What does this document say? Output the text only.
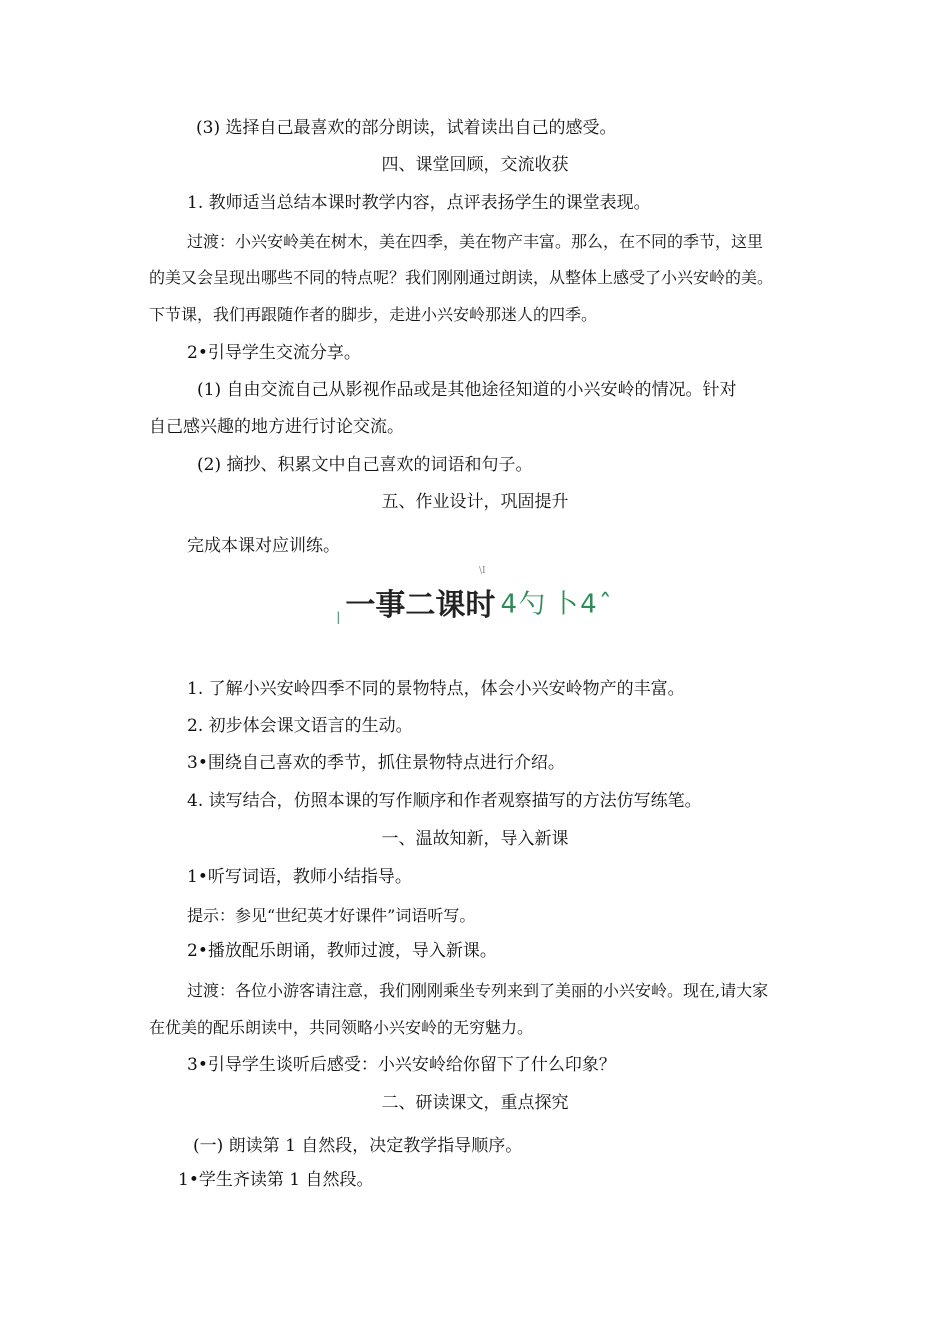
(3) 选择自己最喜欢的部分朗读，试着读出自己的感受。
四、课堂回顾，交流收获
1. 教师适当总结本课时教学内容，点评表扬学生的课堂表现。
过渡：小兴安岭美在树木，美在四季，美在物产丰富。那么，在不同的季节，这里
的美又会呈现出哪些不同的特点呢？我们刚刚通过朗读，从整体上感受了小兴安岭的美。
下节课，我们再跟随作者的脚步，走进小兴安岭那迷人的四季。
2•引导学生交流分享。
(1) 自由交流自己从影视作品或是其他途径知道的小兴安岭的情况。针对
自己感兴趣的地方进行讨论交流。
(2) 摘抄、积累文中自己喜欢的词语和句子。
五、作业设计，巩固提升
完成本课对应训练。
\I
| 一事二课时 4勺 卜4ˆ
1. 了解小兴安岭四季不同的景物特点，体会小兴安岭物产的丰富。
2. 初步体会课文语言的生动。
3•围绕自己喜欢的季节，抓住景物特点进行介绍。
4. 读写结合，仿照本课的写作顺序和作者观察描写的方法仿写练笔。
一、温故知新，导入新课
1•听写词语，教师小结指导。
提示：参见“世纪英才好课件”词语听写。
2•播放配乐朗诵，教师过渡，导入新课。
过渡：各位小游客请注意，我们刚刚乘坐专列来到了美丽的小兴安岭。现在,请大家
在优美的配乐朗读中，共同领略小兴安岭的无穷魅力。
3•引导学生谈听后感受：小兴安岭给你留下了什么印象？
二、研读课文，重点探究
(一) 朗读第 1 自然段，决定教学指导顺序。
1•学生齐读第 1 自然段。
